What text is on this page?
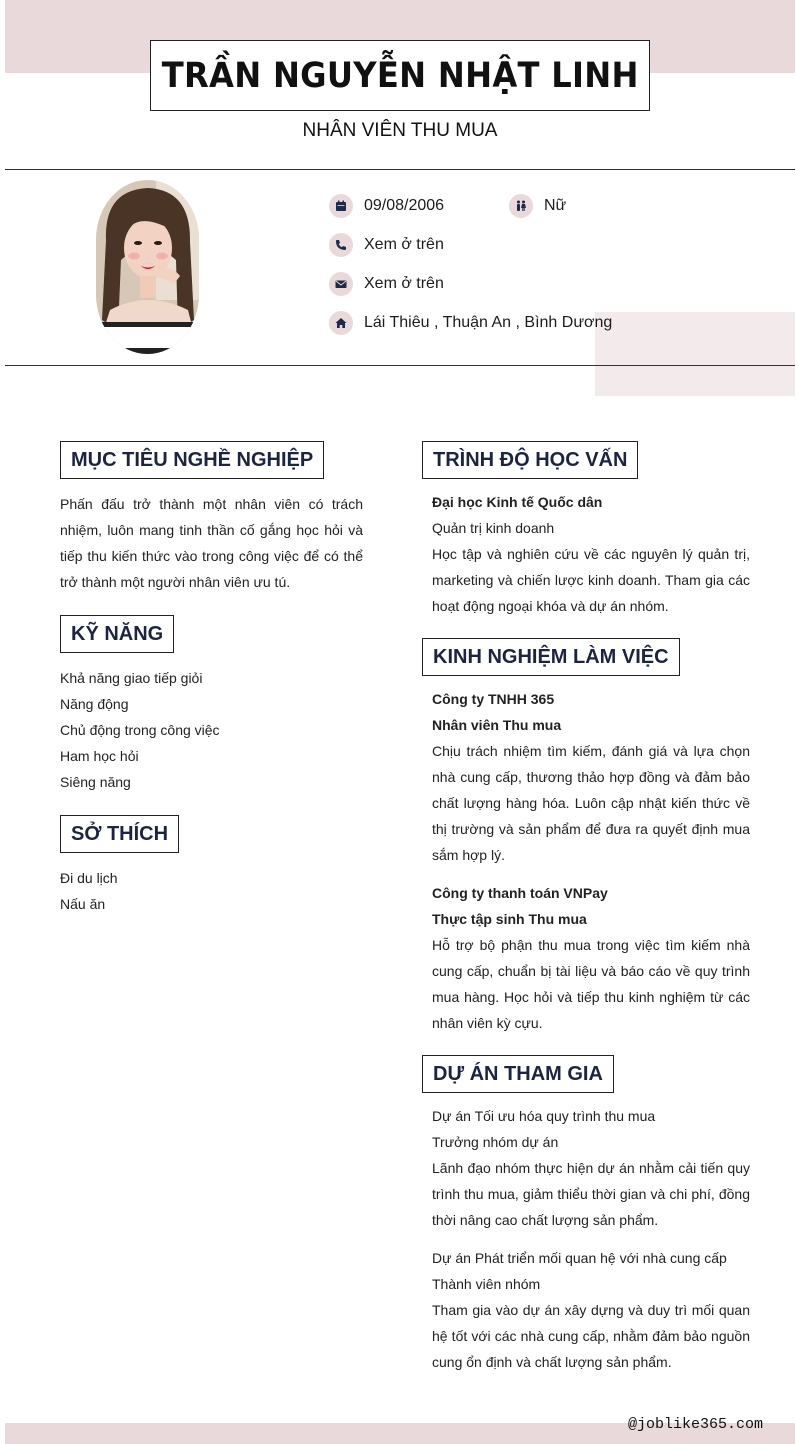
TRẦN NGUYỄN NHẬT LINH
NHÂN VIÊN THU MUA
09/08/2006	Nữ
Xem ở trên
Xem ở trên
Lái Thiêu , Thuận An , Bình Dương
MỤC TIÊU NGHỀ NGHIỆP
Phấn đấu trở thành một nhân viên có trách nhiệm, luôn mang tinh thần cố gắng học hỏi và tiếp thu kiến thức vào trong công việc để có thể trở thành một người nhân viên ưu tú.
KỸ NĂNG
Khả năng giao tiếp giỏi
Năng động
Chủ động trong công việc
Ham học hỏi
Siêng năng
SỞ THÍCH
Đi du lịch
Nấu ăn
TRÌNH ĐỘ HỌC VẤN
Đại học Kinh tế Quốc dân
Quản trị kinh doanh
Học tập và nghiên cứu về các nguyên lý quản trị, marketing và chiến lược kinh doanh. Tham gia các hoạt động ngoại khóa và dự án nhóm.
KINH NGHIỆM LÀM VIỆC
Công ty TNHH 365
Nhân viên Thu mua
Chịu trách nhiệm tìm kiếm, đánh giá và lựa chọn nhà cung cấp, thương thảo hợp đồng và đảm bảo chất lượng hàng hóa. Luôn cập nhật kiến thức về thị trường và sản phẩm để đưa ra quyết định mua sắm hợp lý.
Công ty thanh toán VNPay
Thực tập sinh Thu mua
Hỗ trợ bộ phận thu mua trong việc tìm kiếm nhà cung cấp, chuẩn bị tài liệu và báo cáo về quy trình mua hàng. Học hỏi và tiếp thu kinh nghiệm từ các nhân viên kỳ cựu.
DỰ ÁN THAM GIA
Dự án Tối ưu hóa quy trình thu mua
Trưởng nhóm dự án
Lãnh đạo nhóm thực hiện dự án nhằm cải tiến quy trình thu mua, giảm thiểu thời gian và chi phí, đồng thời nâng cao chất lượng sản phẩm.
Dự án Phát triển mối quan hệ với nhà cung cấp
Thành viên nhóm
Tham gia vào dự án xây dựng và duy trì mối quan hệ tốt với các nhà cung cấp, nhằm đảm bảo nguồn cung ổn định và chất lượng sản phẩm.
@joblike365.com
